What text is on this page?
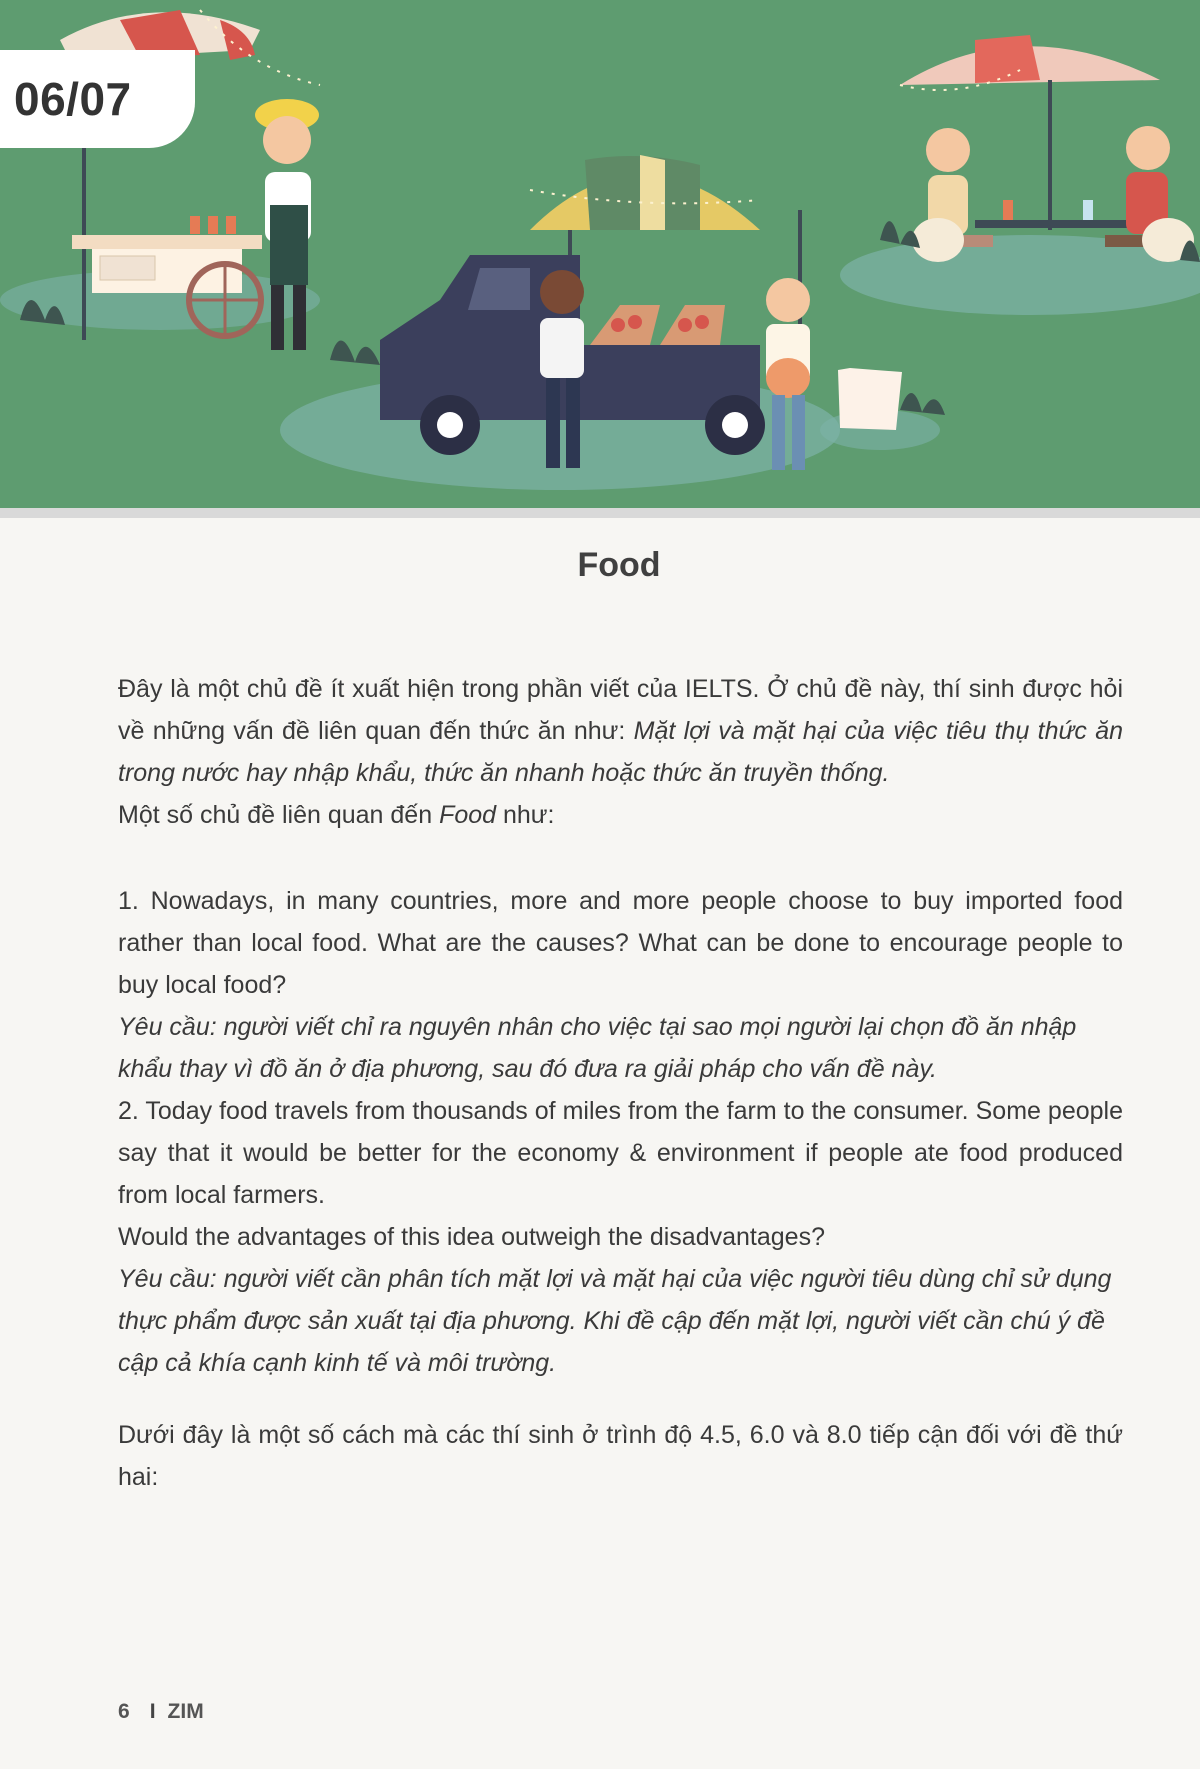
06/07
Food

Đây là một chủ đề ít xuất hiện trong phần viết của IELTS. Ở chủ đề này, thí sinh được hỏi về những vấn đề liên quan đến thức ăn như: Mặt lợi và mặt hại của việc tiêu thụ thức ăn trong nước hay nhập khẩu, thức ăn nhanh hoặc thức ăn truyền thống.

Một số chủ đề liên quan đến Food như:

1. Nowadays, in many countries, more and more people choose to buy imported food rather than local food. What are the causes? What can be done to encourage people to buy local food?

Yêu cầu: người viết chỉ ra nguyên nhân cho việc tại sao mọi người lại chọn đồ ăn nhập khẩu thay vì đồ ăn ở địa phương, sau đó đưa ra giải pháp cho vấn đề này.

2. Today food travels from thousands of miles from the farm to the consumer. Some people say that it would be better for the economy & environment if people ate food produced from local farmers.

Would the advantages of this idea outweigh the disadvantages?

Yêu cầu: người viết cần phân tích mặt lợi và mặt hại của việc người tiêu dùng chỉ sử dụng thực phẩm được sản xuất tại địa phương. Khi đề cập đến mặt lợi, người viết cần chú ý đề cập cả khía cạnh kinh tế và môi trường.

Dưới đây là một số cách mà các thí sinh ở trình độ 4.5, 6.0 và 8.0 tiếp cận đối với đề thứ hai:

6 I ZIM
